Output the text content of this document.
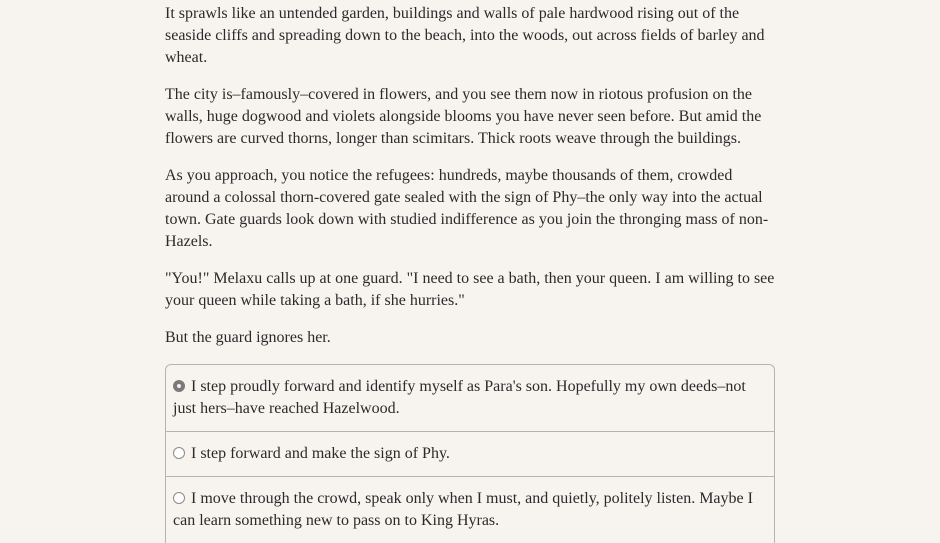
It sprawls like an untended garden, buildings and walls of pale hardwood rising out of the seaside cliffs and spreading down to the beach, into the woods, out across fields of barley and wheat.

The city is–famously–covered in flowers, and you see them now in riotous profusion on the walls, huge dogwood and violets alongside blooms you have never seen before. But amid the flowers are curved thorns, longer than scimitars. Thick roots weave through the buildings.

As you approach, you notice the refugees: hundreds, maybe thousands of them, crowded around a colossal thorn-covered gate sealed with the sign of Phy–the only way into the actual town. Gate guards look down with studied indifference as you join the thronging mass of non-Hazels.

"You!" Melaxu calls up at one guard. "I need to see a bath, then your queen. I am willing to see your queen while taking a bath, if she hurries."

But the guard ignores her.

I step proudly forward and identify myself as Para's son. Hopefully my own deeds–not just hers–have reached Hazelwood.
I step forward and make the sign of Phy.
I move through the crowd, speak only when I must, and quietly, politely listen. Maybe I can learn something new to pass on to King Hyras.
